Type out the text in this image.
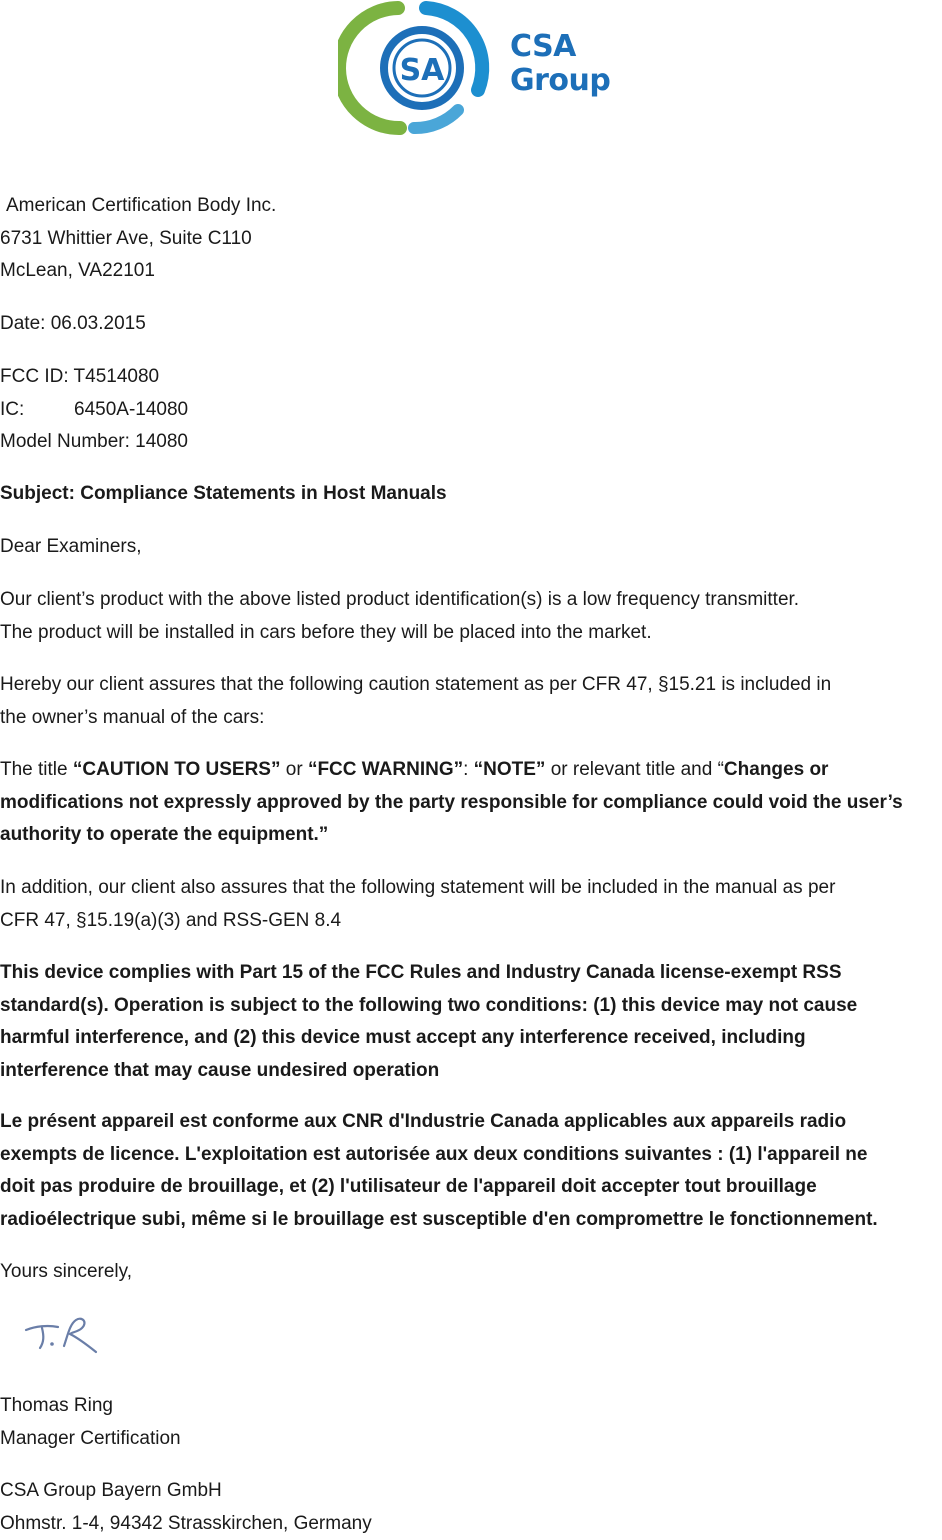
SA
CSA
Group
American Certification Body Inc.
6731 Whittier Ave, Suite C110
McLean, VA22101
Date: 06.03.2015
FCC ID: T4514080
IC:	6450A-14080
Model Number: 14080
Subject: Compliance Statements in Host Manuals
Dear Examiners,
Our client’s product with the above listed product identification(s) is a low frequency transmitter.
The product will be installed in cars before they will be placed into the market.
Hereby our client assures that the following caution statement as per CFR 47, §15.21 is included in
the owner’s manual of the cars:
The title “CAUTION TO USERS” or “FCC WARNING”: “NOTE” or relevant title and “Changes or
modifications not expressly approved by the party responsible for compliance could void the user’s
authority to operate the equipment.”
In addition, our client also assures that the following statement will be included in the manual as per
CFR 47, §15.19(a)(3) and RSS-GEN 8.4
This device complies with Part 15 of the FCC Rules and Industry Canada license-exempt RSS
standard(s). Operation is subject to the following two conditions: (1) this device may not cause
harmful interference, and (2) this device must accept any interference received, including
interference that may cause undesired operation
Le présent appareil est conforme aux CNR d'Industrie Canada applicables aux appareils radio
exempts de licence. L'exploitation est autorisée aux deux conditions suivantes : (1) l'appareil ne
doit pas produire de brouillage, et (2) l'utilisateur de l'appareil doit accepter tout brouillage
radioélectrique subi, même si le brouillage est susceptible d'en compromettre le fonctionnement.
Yours sincerely,
Thomas Ring
Manager Certification
CSA Group Bayern GmbH
Ohmstr. 1-4, 94342 Strasskirchen, Germany
